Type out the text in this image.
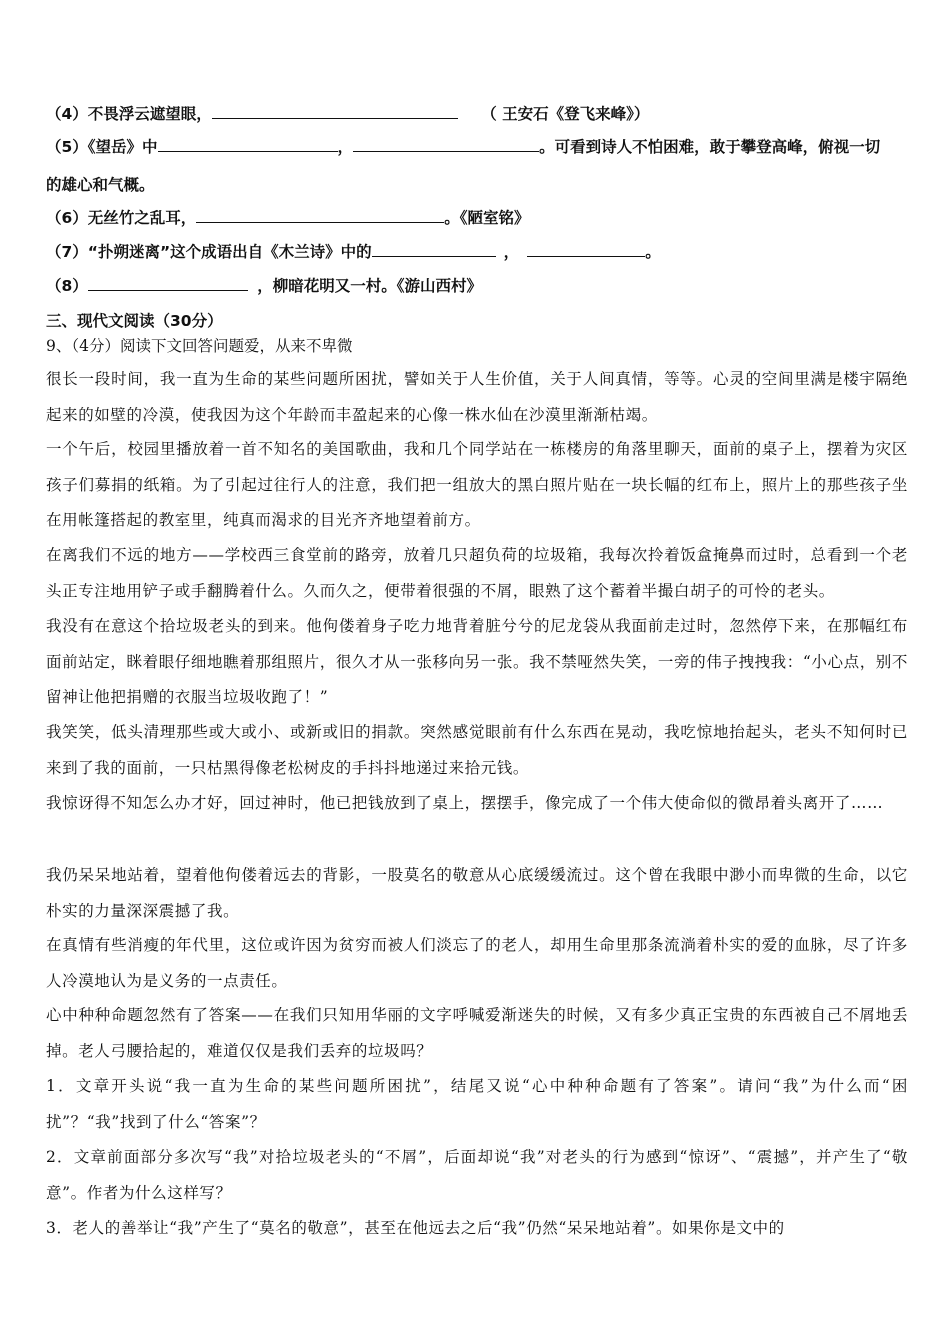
（4）不畏浮云遮望眼，	（ 王安石《登飞来峰》）
（5）《望岳》中	，	。可看到诗人不怕困难，敢于攀登高峰，俯视一切
的雄心和气概。
（6）无丝竹之乱耳，	。《陋室铭》
（7）“扑朔迷离”这个成语出自《木兰诗》中的	，	。
（8）	，柳暗花明又一村。《游山西村》
三、现代文阅读（30分）
9、（4分）阅读下文回答问题爱，从来不卑微
很长一段时间，我一直为生命的某些问题所困扰，譬如关于人生价值，关于人间真情，等等。心灵的空间里满是楼宇隔绝起来的如壁的冷漠，使我因为这个年龄而丰盈起来的心像一株水仙在沙漠里渐渐枯竭。
一个午后，校园里播放着一首不知名的美国歌曲，我和几个同学站在一栋楼房的角落里聊天，面前的桌子上，摆着为灾区孩子们募捐的纸箱。为了引起过往行人的注意，我们把一组放大的黑白照片贴在一块长幅的红布上，照片上的那些孩子坐在用帐篷搭起的教室里，纯真而渴求的目光齐齐地望着前方。
在离我们不远的地方——学校西三食堂前的路旁，放着几只超负荷的垃圾箱，我每次拎着饭盒掩鼻而过时，总看到一个老头正专注地用铲子或手翻腾着什么。久而久之，便带着很强的不屑，眼熟了这个蓄着半撮白胡子的可怜的老头。
我没有在意这个拾垃圾老头的到来。他佝偻着身子吃力地背着脏兮兮的尼龙袋从我面前走过时，忽然停下来，在那幅红布面前站定，眯着眼仔细地瞧着那组照片，很久才从一张移向另一张。我不禁哑然失笑，一旁的伟子拽拽我：“小心点，别不留神让他把捐赠的衣服当垃圾收跑了！”
我笑笑，低头清理那些或大或小、或新或旧的捐款。突然感觉眼前有什么东西在晃动，我吃惊地抬起头，老头不知何时已来到了我的面前，一只枯黑得像老松树皮的手抖抖地递过来拾元钱。
我惊讶得不知怎么办才好，回过神时，他已把钱放到了桌上，摆摆手，像完成了一个伟大使命似的微昂着头离开了……
我仍呆呆地站着，望着他佝偻着远去的背影，一股莫名的敬意从心底缓缓流过。这个曾在我眼中渺小而卑微的生命，以它朴实的力量深深震撼了我。
在真情有些消瘦的年代里，这位或许因为贫穷而被人们淡忘了的老人，却用生命里那条流淌着朴实的爱的血脉，尽了许多人冷漠地认为是义务的一点责任。
心中种种命题忽然有了答案——在我们只知用华丽的文字呼喊爱渐迷失的时候，又有多少真正宝贵的东西被自己不屑地丢掉。老人弓腰拾起的，难道仅仅是我们丢弃的垃圾吗？
1．文章开头说“我一直为生命的某些问题所困扰”，结尾又说“心中种种命题有了答案”。请问“我”为什么而“困扰”？“我”找到了什么“答案”？
2．文章前面部分多次写“我”对拾垃圾老头的“不屑”，后面却说“我”对老头的行为感到“惊讶”、“震撼”，并产生了“敬意”。作者为什么这样写？
3．老人的善举让“我”产生了“莫名的敬意”，甚至在他远去之后“我”仍然“呆呆地站着”。如果你是文中的
